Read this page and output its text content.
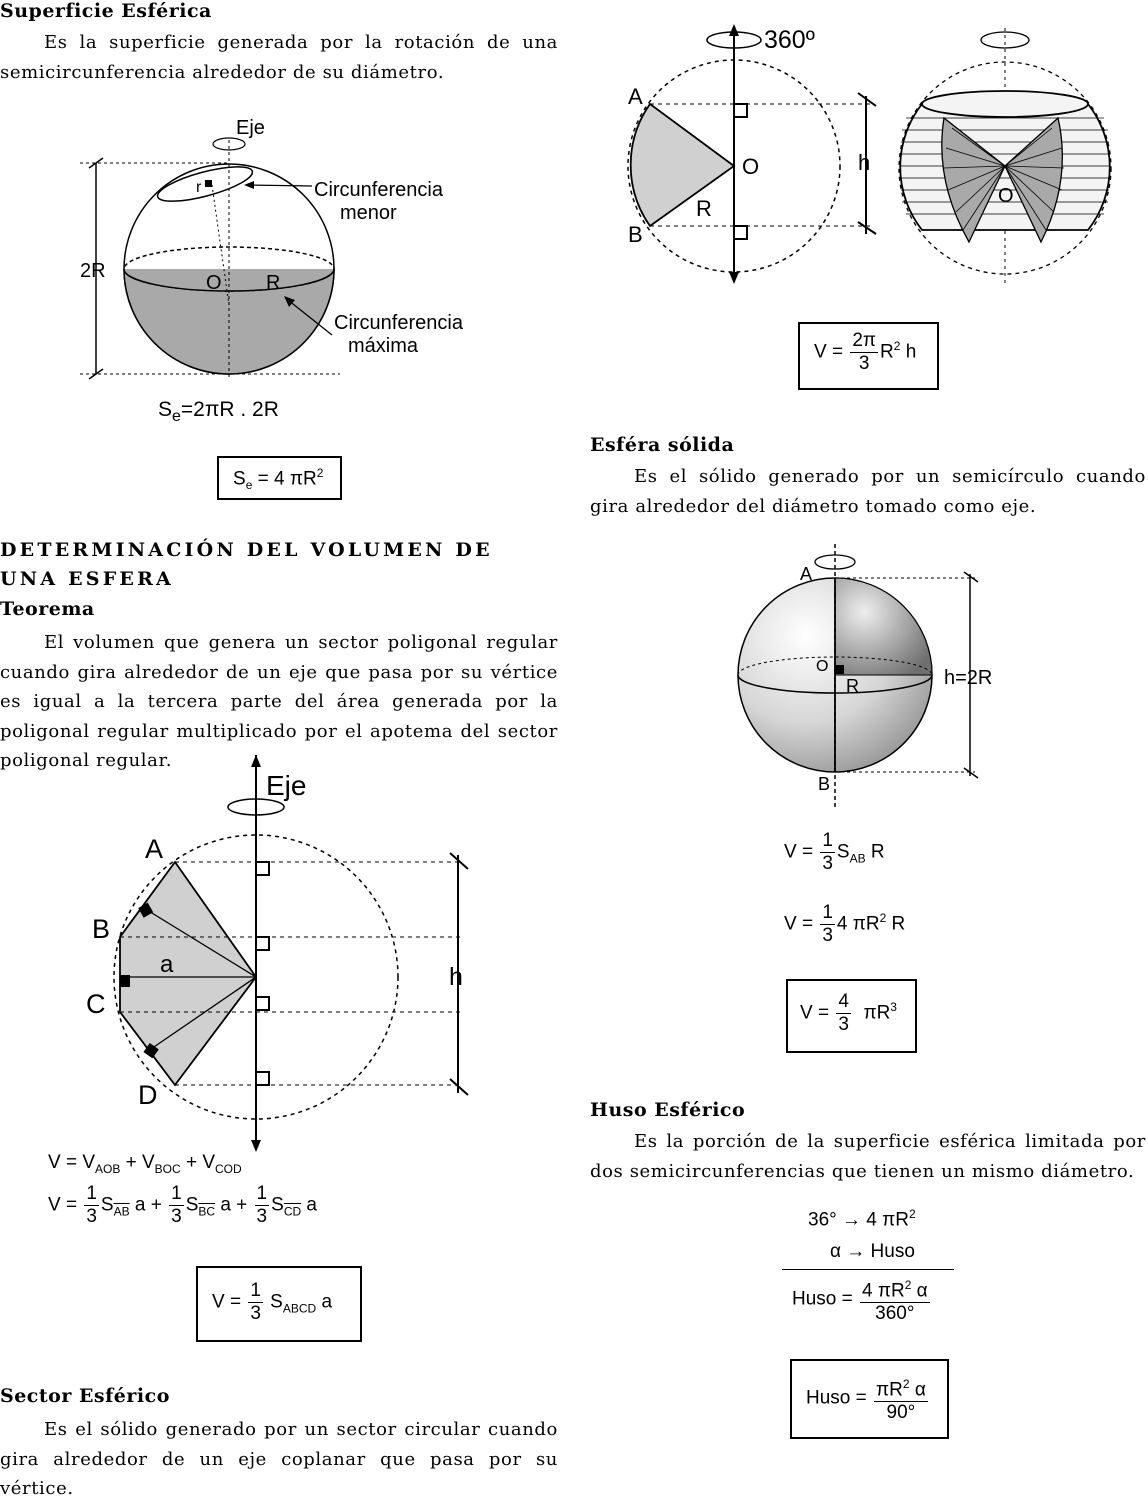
Superficie Esférica
Es la superficie generada por la rotación de una semicircunferencia alrededor de su diámetro.
Eje
r
O R
2R
Circunferencia
menor
Circunferencia
máxima
$S_e=2\pi R$ . 2R
$S_e = 4$ $\pi R^2$
DETERMINACIÓN DEL VOLUMEN DE UNA ESFERA
Teorema
El volumen que genera un sector poligonal regular cuando gira alrededor de un eje que pasa por su vértice es igual a la tercera parte del área generada por la poligonal regular multiplicado por el apotema del sector poligonal regular.
Eje
A
B
a
C
D
h
$V = V_{AOB} + V_{BOC} + V_{COD}$
$V = \frac{1}{3} S_{\overline{AB}}$ $a + \frac{1}{3} S_{\overline{BC}}$ $a + \frac{1}{3} S_{\overline{CD}}$ a
$V = \frac{1}{3} S_{ABCD}$ a
Sector Esférico
Es el sólido generado por un sector circular cuando gira alrededor de un eje coplanar que pasa por su vértice.
360º
A
B
O
R
h
O
$V = \frac{2\pi}{3} R^2$ h
Esféra sólida
Es el sólido generado por un semicírculo cuando gira alrededor del diámetro tomado como eje.
A
B
O
R	h=2R
$V = \frac{1}{3} S_{AB}$ R
$V = \frac{1}{3} 4$ $\pi R^2$ R
$V = \frac{4}{3} \pi R^3$
Huso Esférico
Es la porción de la superficie esférica limitada por dos semicircunferencias que tienen un mismo diámetro.
36° → 4 $\pi R^2$
α → Huso
Huso = $\frac{4 \pi R^2 \alpha}{360^\circ}$
Huso = $\frac{\pi R^2 \alpha}{90^\circ}$
